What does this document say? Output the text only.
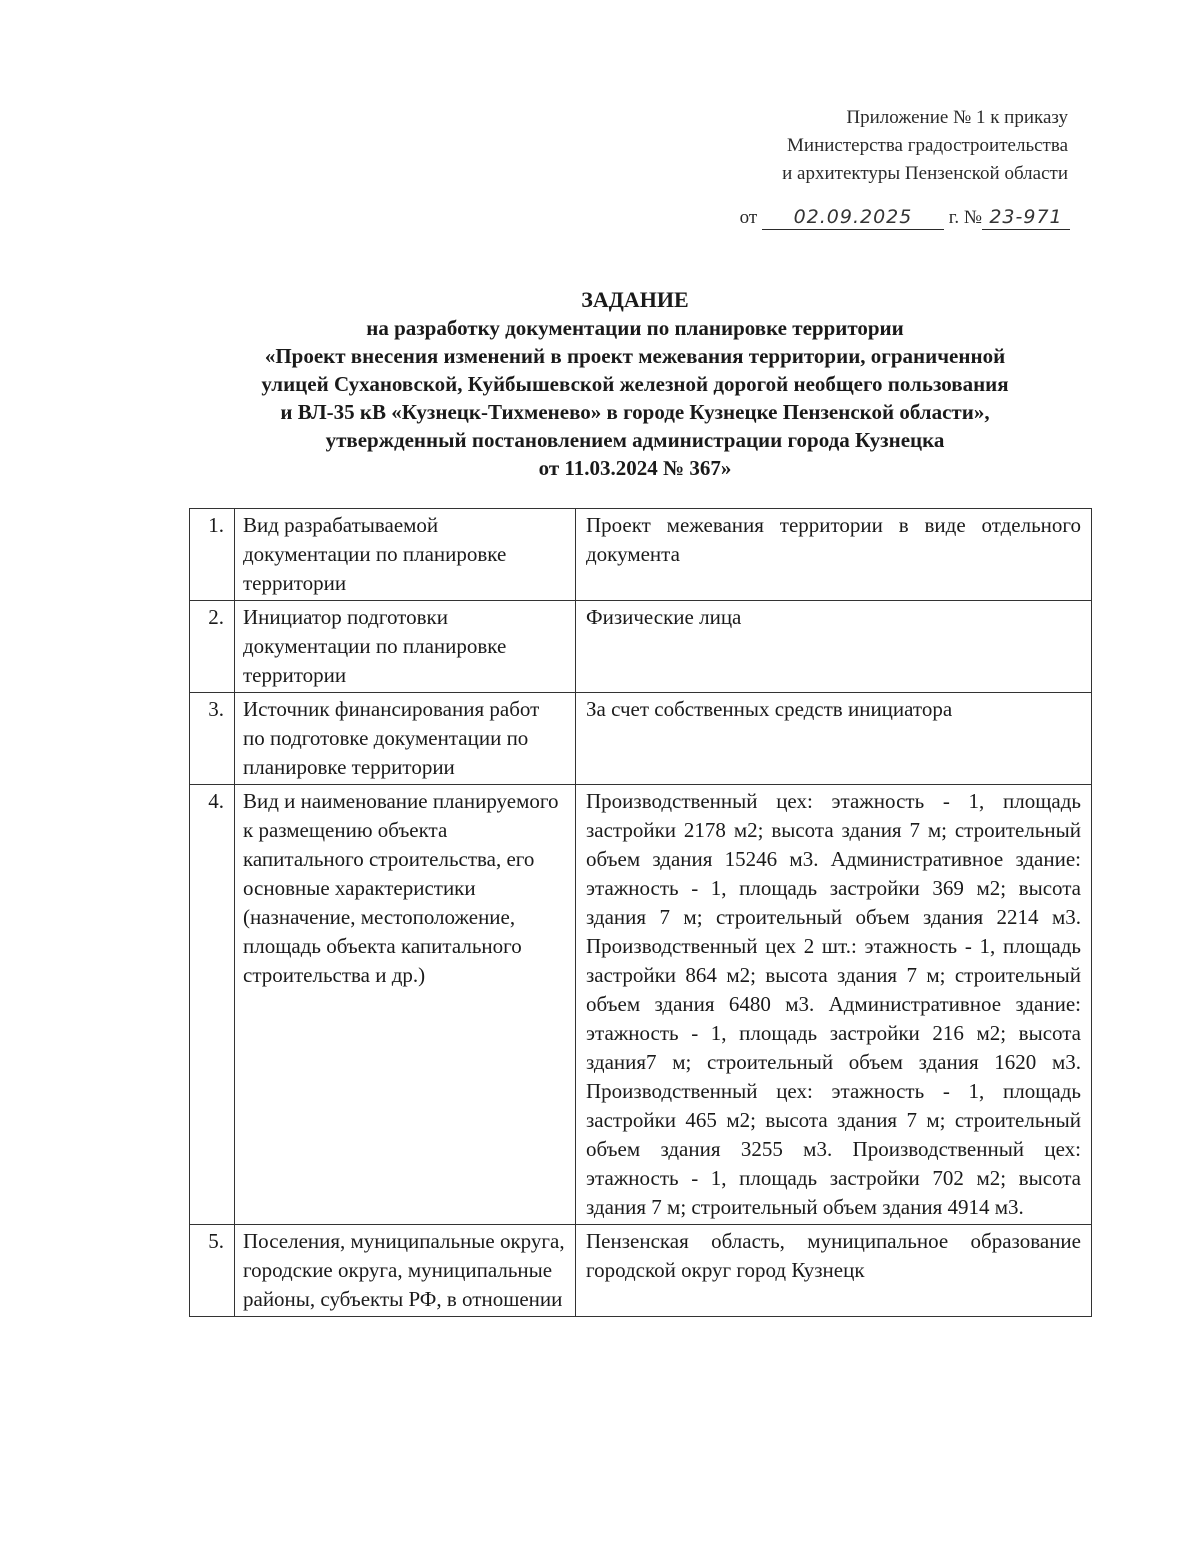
Приложение № 1 к приказу
Министерства градостроительства
и архитектуры Пензенской области
от 02.09.2025 г. № 23-971
ЗАДАНИЕ
на разработку документации по планировке территории
«Проект внесения изменений в проект межевания территории, ограниченной
улицей Сухановской, Куйбышевской железной дорогой необщего пользования
и ВЛ-35 кВ «Кузнецк-Тихменево» в городе Кузнецке Пензенской области»,
утвержденный постановлением администрации города Кузнецка
от 11.03.2024 № 367»
1.	Вид разрабатываемой документации по планировке территории	Проект межевания территории в виде отдельного документа
2.	Инициатор подготовки документации по планировке территории	Физические лица
3.	Источник финансирования работ по подготовке документации по планировке территории	За счет собственных средств инициатора
4.	Вид и наименование планируемого к размещению объекта капитального строительства, его основные характеристики (назначение, местоположение, площадь объекта капитального строительства и др.)	Производственный цех: этажность - 1, площадь застройки 2178 м2; высота здания 7 м; строительный объем здания 15246 м3. Административное здание: этажность - 1, площадь застройки 369 м2; высота здания 7 м; строительный объем здания 2214 м3. Производственный цех 2 шт.: этажность - 1, площадь застройки 864 м2; высота здания 7 м; строительный объем здания 6480 м3. Административное здание: этажность - 1, площадь застройки 216 м2; высота здания7 м; строительный объем здания 1620 м3. Производственный цех: этажность - 1, площадь застройки 465 м2; высота здания 7 м; строительный объем здания 3255 м3. Производственный цех: этажность - 1, площадь застройки 702 м2; высота здания 7 м; строительный объем здания 4914 м3.
5.	Поселения, муниципальные округа, городские округа, муниципальные районы, субъекты РФ, в отношении	Пензенская область, муниципальное образование городской округ город Кузнецк
